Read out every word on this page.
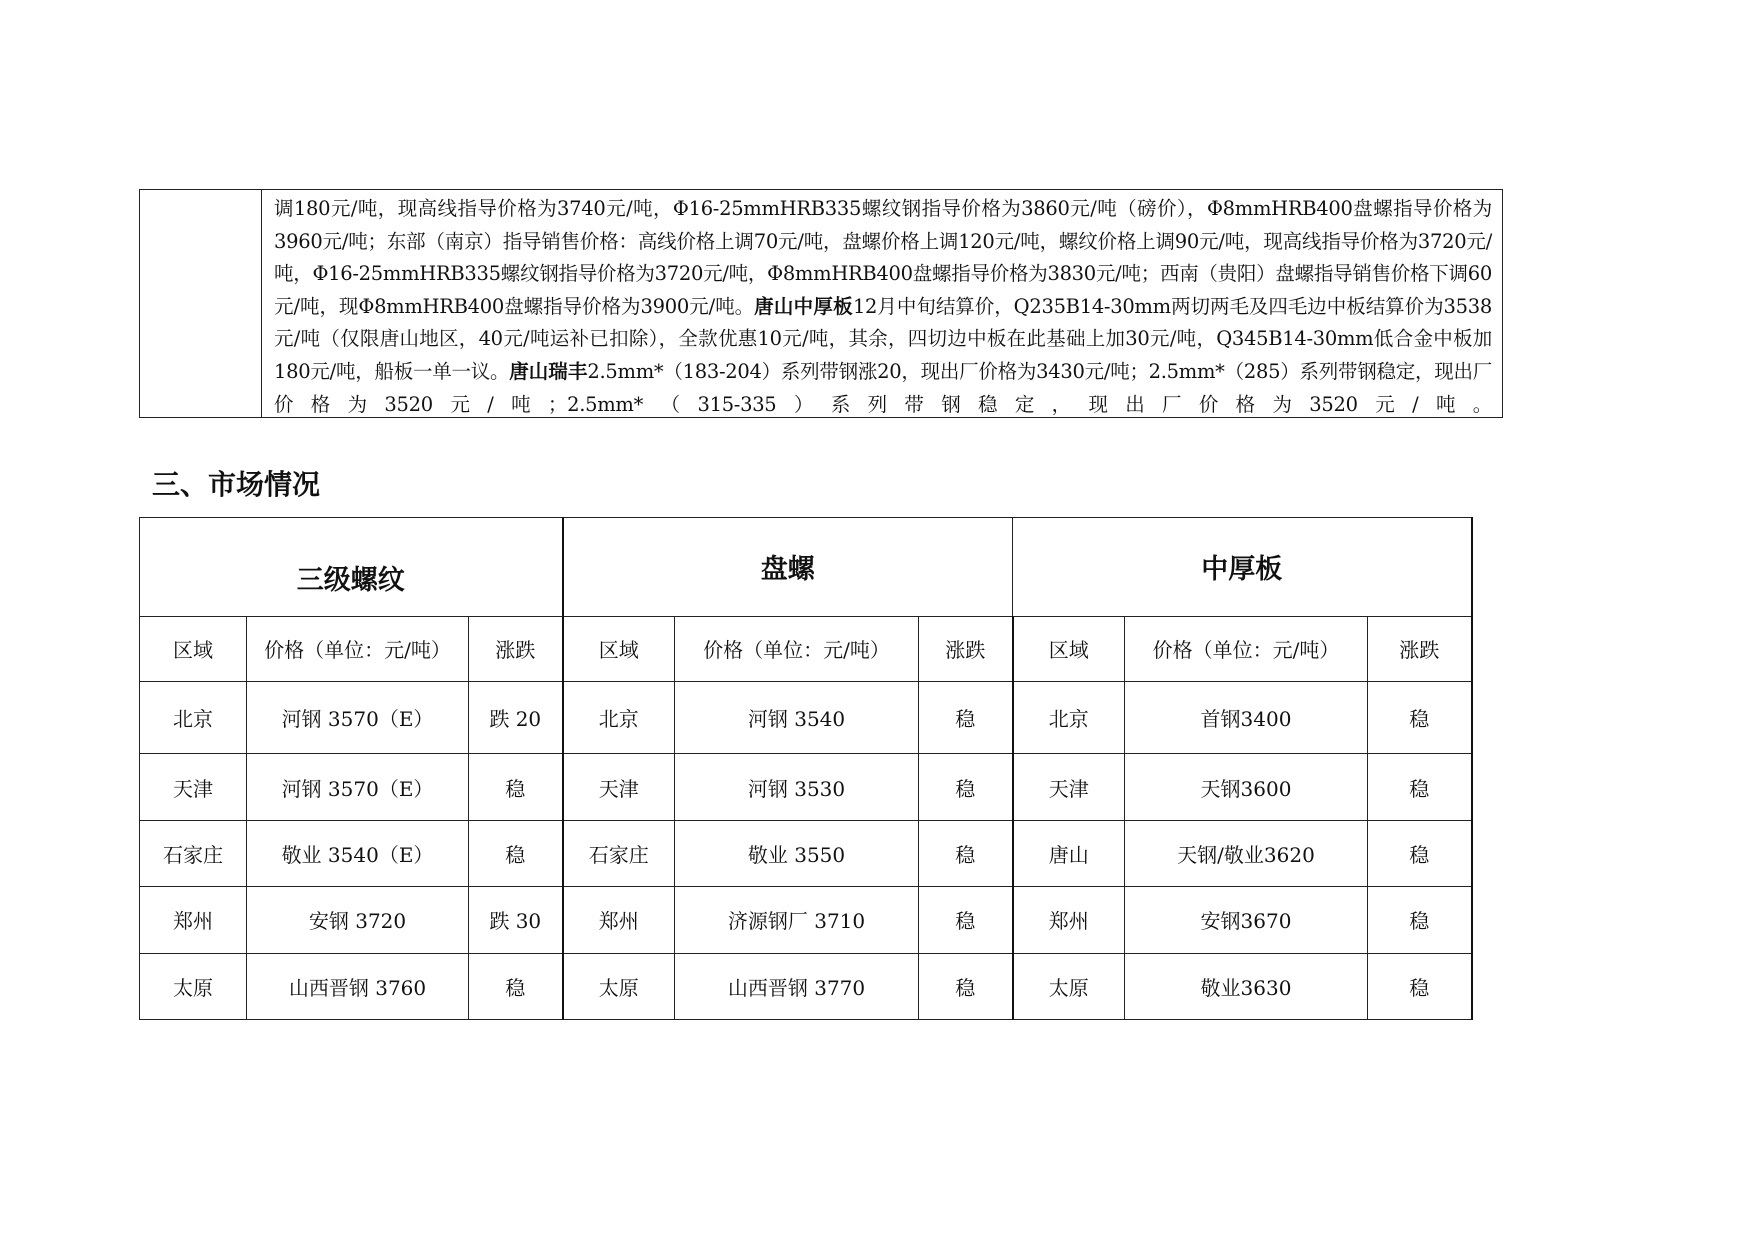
调180元/吨，现高线指导价格为3740元/吨，Φ16-25mmHRB335螺纹钢指导价格为3860元/吨（磅价），Φ8mmHRB400盘螺指导价格为3960元/吨；东部（南京）指导销售价格：高线价格上调70元/吨，盘螺价格上调120元/吨，螺纹价格上调90元/吨，现高线指导价格为3720元/吨，Φ16-25mmHRB335螺纹钢指导价格为3720元/吨，Φ8mmHRB400盘螺指导价格为3830元/吨；西南（贵阳）盘螺指导销售价格下调60元/吨，现Φ8mmHRB400盘螺指导价格为3900元/吨。唐山中厚板12月中旬结算价，Q235B14-30mm两切两毛及四毛边中板结算价为3538元/吨（仅限唐山地区，40元/吨运补已扣除），全款优惠10元/吨，其余，四切边中板在此基础上加30元/吨，Q345B14-30mm低合金中板加180元/吨，船板一单一议。唐山瑞丰2.5mm*（183-204）系列带钢涨20，现出厂价格为3430元/吨；2.5mm*（285）系列带钢稳定，现出厂价格为3520元/吨；2.5mm*（315-335）系列带钢稳定，现出厂价格为3520元/吨。
三、市场情况
三级螺纹			盘螺			中厚板		
区域	价格（单位：元/吨）	涨跌	区域	价格（单位：元/吨）	涨跌	区域	价格（单位：元/吨）	涨跌
北京	河钢 3570（E）	跌 20	北京	河钢 3540	稳	北京	首钢3400	稳
天津	河钢 3570（E）	稳	天津	河钢 3530	稳	天津	天钢3600	稳
石家庄	敬业 3540（E）	稳	石家庄	敬业 3550	稳	唐山	天钢/敬业3620	稳
郑州	安钢 3720	跌 30	郑州	济源钢厂 3710	稳	郑州	安钢3670	稳
太原	山西晋钢 3760	稳	太原	山西晋钢 3770	稳	太原	敬业3630	稳
